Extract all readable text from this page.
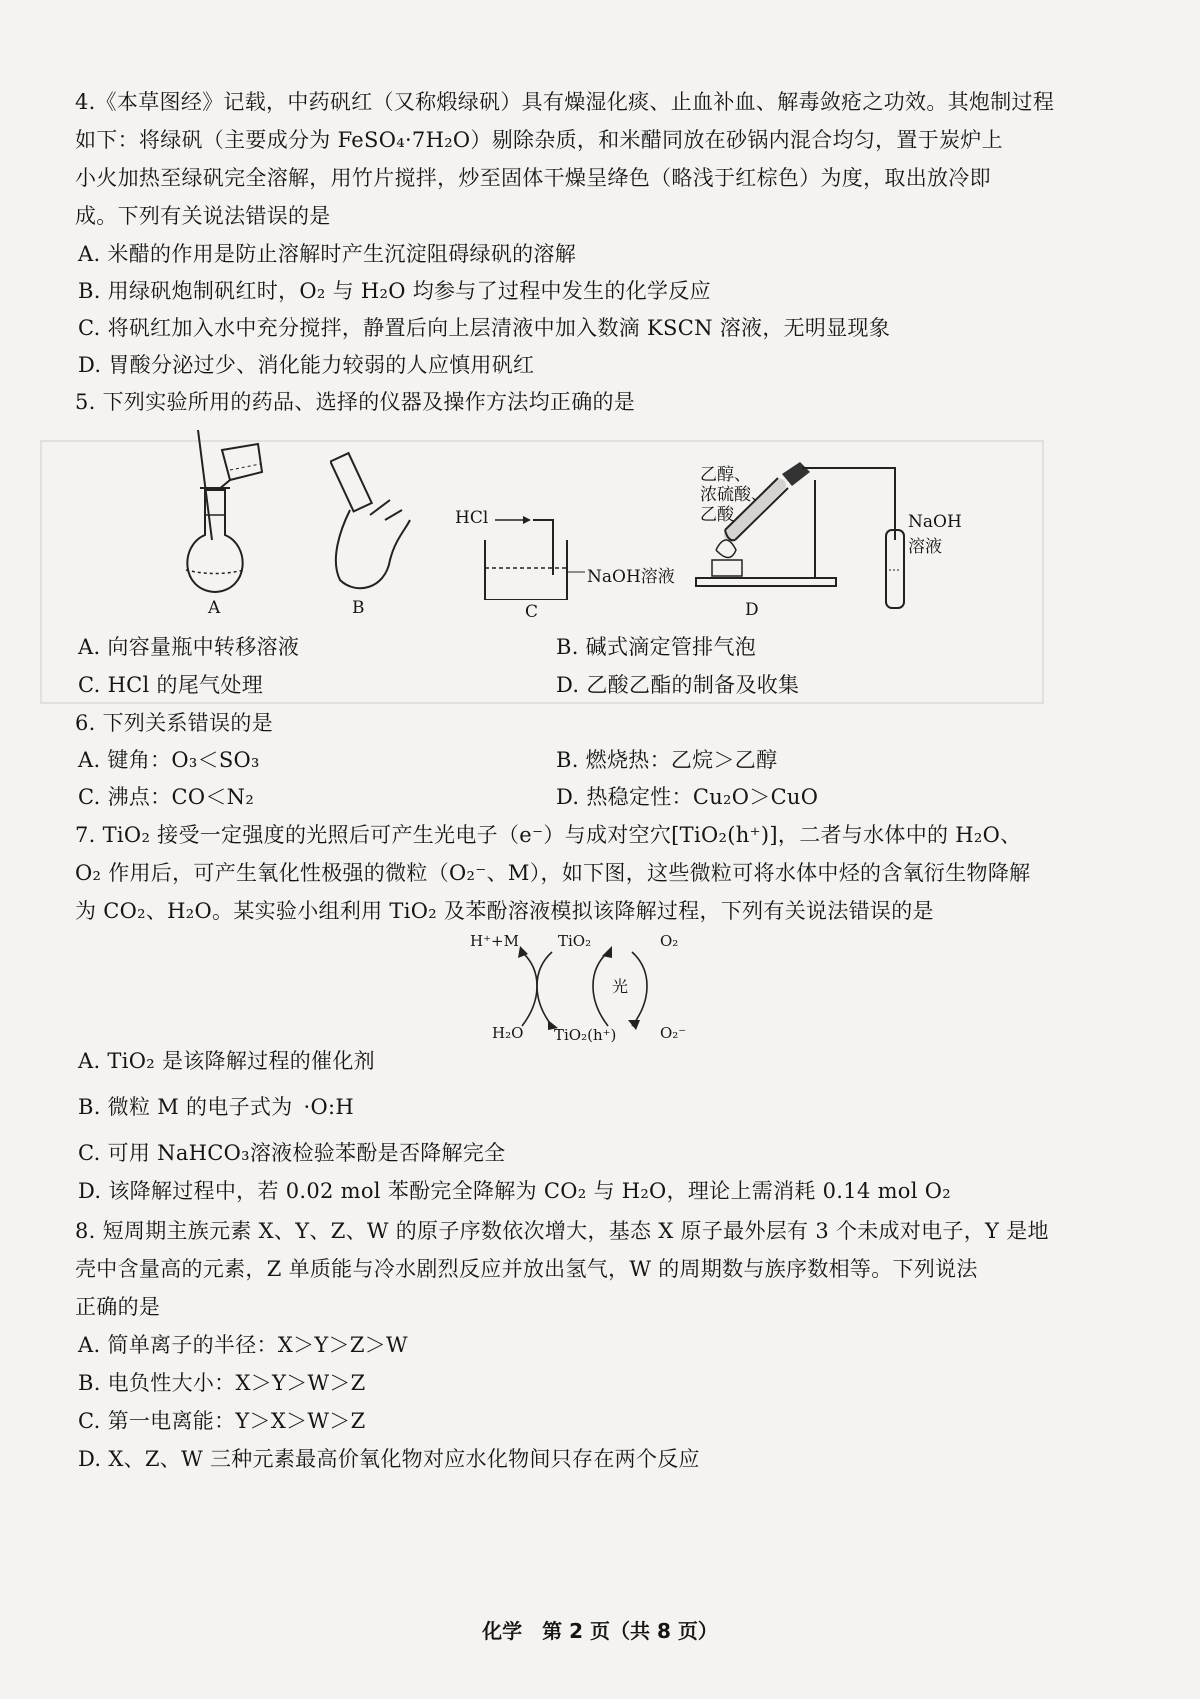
4.《本草图经》记载，中药矾红（又称煅绿矾）具有燥湿化痰、止血补血、解毒敛疮之功效。其炮制过程
如下：将绿矾（主要成分为 FeSO₄·7H₂O）剔除杂质，和米醋同放在砂锅内混合均匀，置于炭炉上
小火加热至绿矾完全溶解，用竹片搅拌，炒至固体干燥呈绛色（略浅于红棕色）为度，取出放冷即
成。下列有关说法错误的是
A. 米醋的作用是防止溶解时产生沉淀阻碍绿矾的溶解
B. 用绿矾炮制矾红时，O₂ 与 H₂O 均参与了过程中发生的化学反应
C. 将矾红加入水中充分搅拌，静置后向上层清液中加入数滴 KSCN 溶液，无明显现象
D. 胃酸分泌过少、消化能力较弱的人应慎用矾红
5. 下列实验所用的药品、选择的仪器及操作方法均正确的是
A	B
HCl
NaOH溶液
C
乙醇、
浓硫酸、
乙酸	NaOH
溶液
D
A. 向容量瓶中转移溶液	B. 碱式滴定管排气泡
C. HCl 的尾气处理	D. 乙酸乙酯的制备及收集
6. 下列关系错误的是
A. 键角：O₃＜SO₃	B. 燃烧热：乙烷＞乙醇
C. 沸点：CO＜N₂	D. 热稳定性：Cu₂O＞CuO
7. TiO₂ 接受一定强度的光照后可产生光电子（e⁻）与成对空穴[TiO₂(h⁺)]，二者与水体中的 H₂O、
O₂ 作用后，可产生氧化性极强的微粒（O₂⁻、M），如下图，这些微粒可将水体中烃的含氧衍生物降解
为 CO₂、H₂O。某实验小组利用 TiO₂ 及苯酚溶液模拟该降解过程，下列有关说法错误的是
H⁺+M	TiO₂	O₂
光
H₂O TiO₂(h⁺)	O₂⁻
A. TiO₂ 是该降解过程的催化剂
B. 微粒 M 的电子式为 ·O:H
C. 可用 NaHCO₃溶液检验苯酚是否降解完全
D. 该降解过程中，若 0.02 mol 苯酚完全降解为 CO₂ 与 H₂O，理论上需消耗 0.14 mol O₂
8. 短周期主族元素 X、Y、Z、W 的原子序数依次增大，基态 X 原子最外层有 3 个未成对电子，Y 是地
壳中含量高的元素，Z 单质能与冷水剧烈反应并放出氢气，W 的周期数与族序数相等。下列说法
正确的是
A. 简单离子的半径：X＞Y＞Z＞W
B. 电负性大小：X＞Y＞W＞Z
C. 第一电离能：Y＞X＞W＞Z
D. X、Z、W 三种元素最高价氧化物对应水化物间只存在两个反应
化学　第 2 页（共 8 页）
